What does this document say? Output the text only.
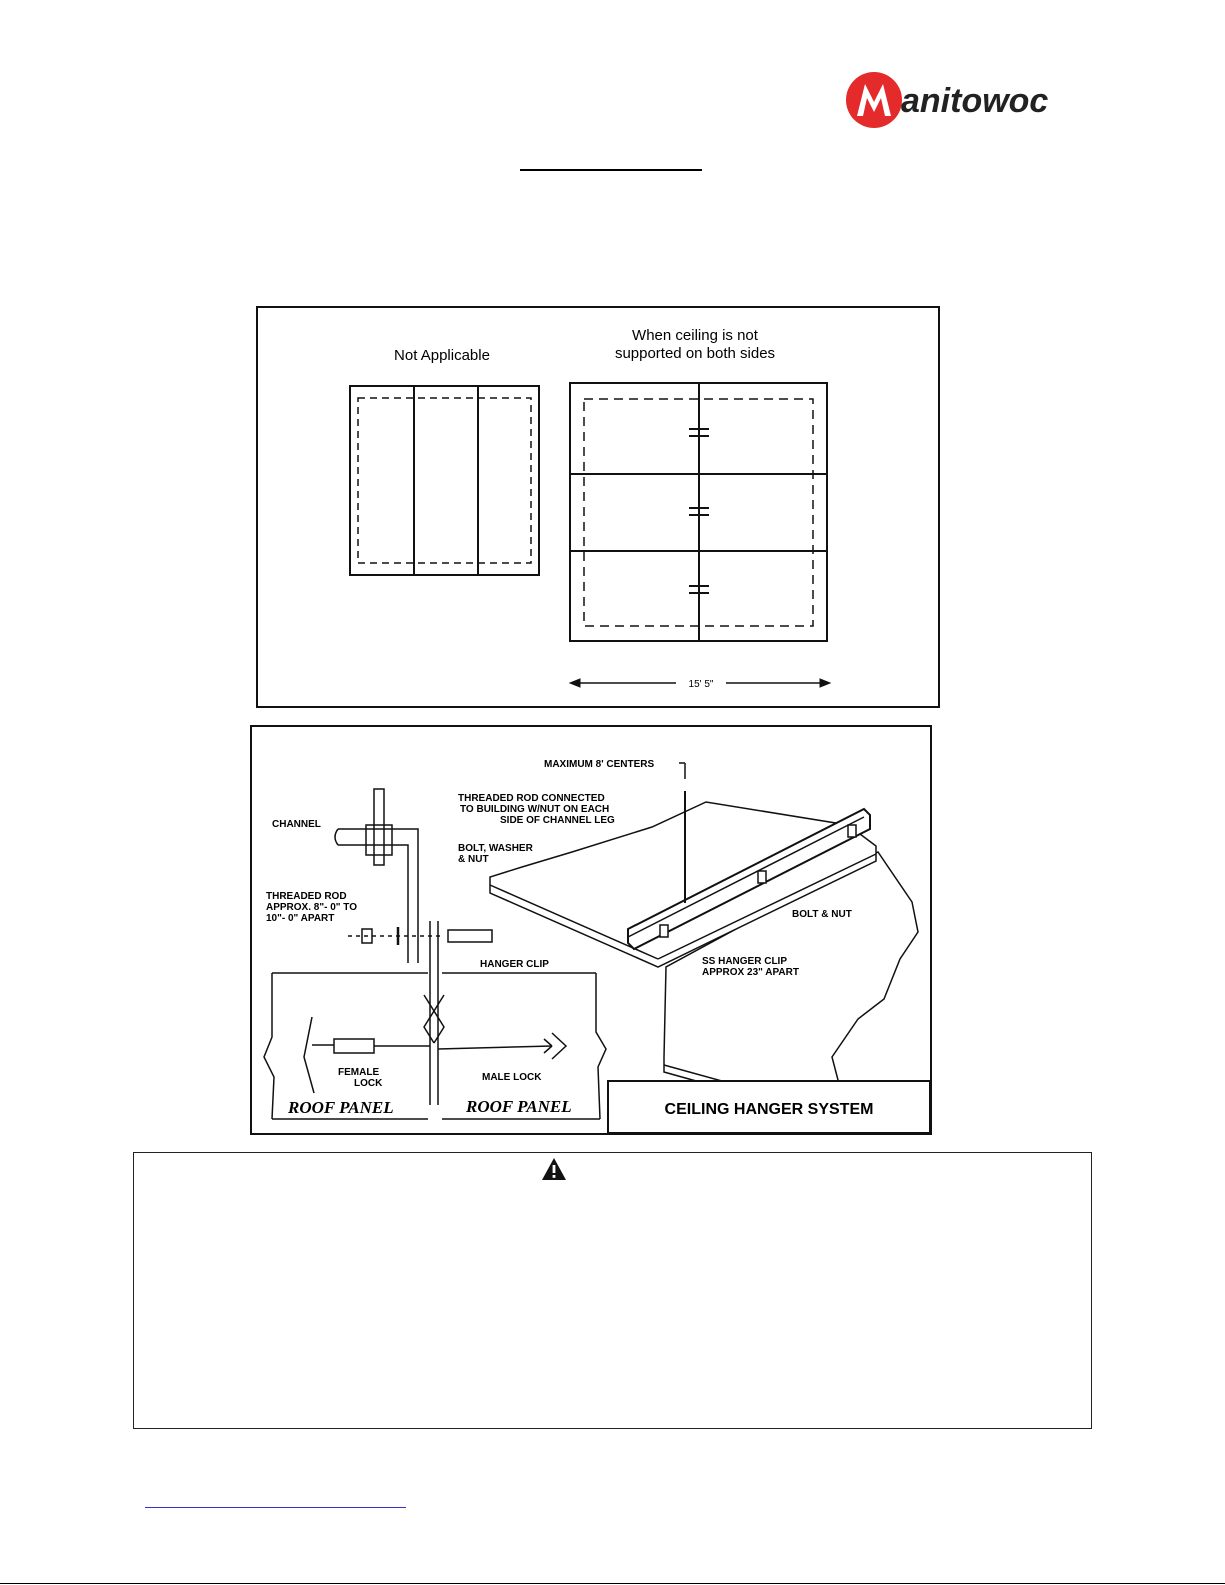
anitowoc
Not Applicable
When ceiling is not
supported on both sides
15' 5"
MAXIMUM 8' CENTERS
THREADED ROD CONNECTED
TO BUILDING W/NUT ON EACH
SIDE OF CHANNEL LEG
CHANNEL
BOLT, WASHER
& NUT
THREADED ROD
APPROX. 8"- 0" TO
10"- 0" APART
HANGER CLIP
BOLT & NUT
SS HANGER CLIP
APPROX 23" APART
FEMALE
LOCK
MALE LOCK
ROOF PANEL	ROOF PANEL	CEILING HANGER SYSTEM
